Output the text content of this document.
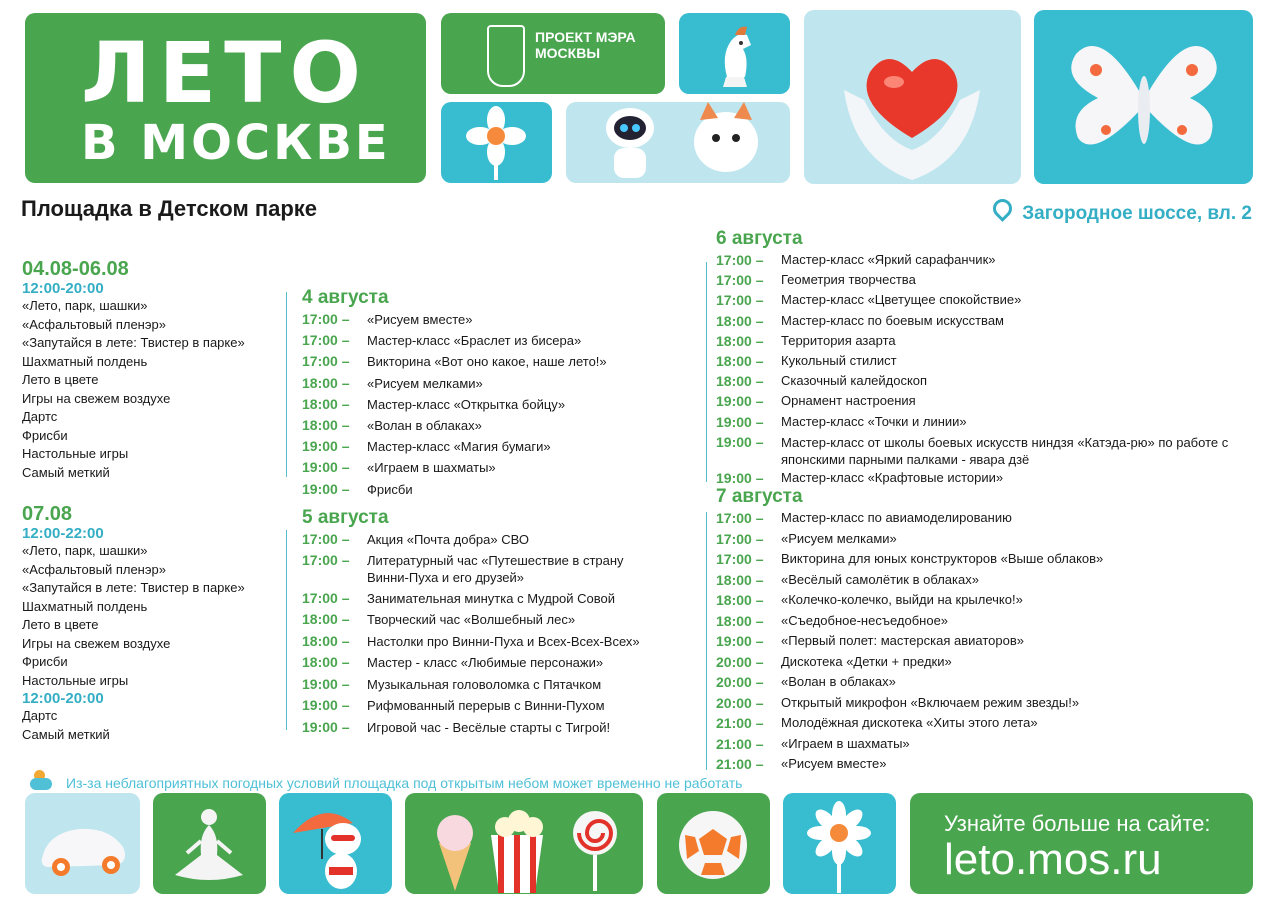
ЛЕТО
В МОСКВЕ
ПРОЕКТ МЭРА МОСКВЫ
Площадка в Детском парке	Загородное шоссе, вл. 2
04.08-06.08
12:00-20:00
«Лето, парк, шашки»
«Асфальтовый пленэр»
«Запутайся в лете: Твистер в парке»
Шахматный полдень
Лето в цвете
Игры на свежем воздухе
Дартс
Фрисби
Настольные игры
Самый меткий
07.08
12:00-22:00
«Лето, парк, шашки»
«Асфальтовый пленэр»
«Запутайся в лете: Твистер в парке»
Шахматный полдень
Лето в цвете
Игры на свежем воздухе
Фрисби
Настольные игры
12:00-20:00
Дартс
Самый меткий
4 августа
17:00 –	«Рисуем вместе»
17:00 –	Мастер-класс «Браслет из бисера»
17:00 –	Викторина «Вот оно какое, наше лето!»
18:00 –	«Рисуем мелками»
18:00 –	Мастер-класс «Открытка бойцу»
18:00 –	«Волан в облаках»
19:00 –	Мастер-класс «Магия бумаги»
19:00 –	«Играем в шахматы»
19:00 –	Фрисби
5 августа
17:00 –	Акция «Почта добра» СВО
17:00 –	Литературный час «Путешествие в страну Винни-Пуха и его друзей»
17:00 –	Занимательная минутка с Мудрой Совой
18:00 –	Творческий час «Волшебный лес»
18:00 –	Настолки про Винни-Пуха и Всех-Всех-Всех»
18:00 –	Мастер - класс «Любимые персонажи»
19:00 –	Музыкальная головоломка с Пятачком
19:00 –	Рифмованный перерыв с Винни-Пухом
19:00 –	Игровой час - Весёлые старты с Тигрой!
6 августа
17:00 –	Мастер-класс «Яркий сарафанчик»
17:00 –	Геометрия творчества
17:00 –	Мастер-класс «Цветущее спокойствие»
18:00 –	Мастер-класс по боевым искусствам
18:00 –	Территория азарта
18:00 –	Кукольный стилист
18:00 –	Сказочный калейдоскоп
19:00 –	Орнамент настроения
19:00 –	Мастер-класс «Точки и линии»
19:00 –	Мастер-класс от школы боевых искусств ниндзя «Катэда-рю» по работе с японскими парными палками - явара дзё
19:00 –	Мастер-класс «Крафтовые истории»
7 августа
17:00 –	Мастер-класс по авиамоделированию
17:00 –	«Рисуем мелками»
17:00 –	Викторина для юных конструкторов «Выше облаков»
18:00 –	«Весёлый самолётик в облаках»
18:00 –	«Колечко-колечко, выйди на крылечко!»
18:00 –	«Съедобное-несъедобное»
19:00 –	«Первый полет: мастерская авиаторов»
20:00 –	Дискотека «Детки + предки»
20:00 –	«Волан в облаках»
20:00 –	Открытый микрофон «Включаем режим звезды!»
21:00 –	Молодёжная дискотека «Хиты этого лета»
21:00 –	«Играем в шахматы»
21:00 –	«Рисуем вместе»
Из-за неблагоприятных погодных условий площадка под открытым небом может временно не работать
Узнайте больше на сайте:
leto.mos.ru
